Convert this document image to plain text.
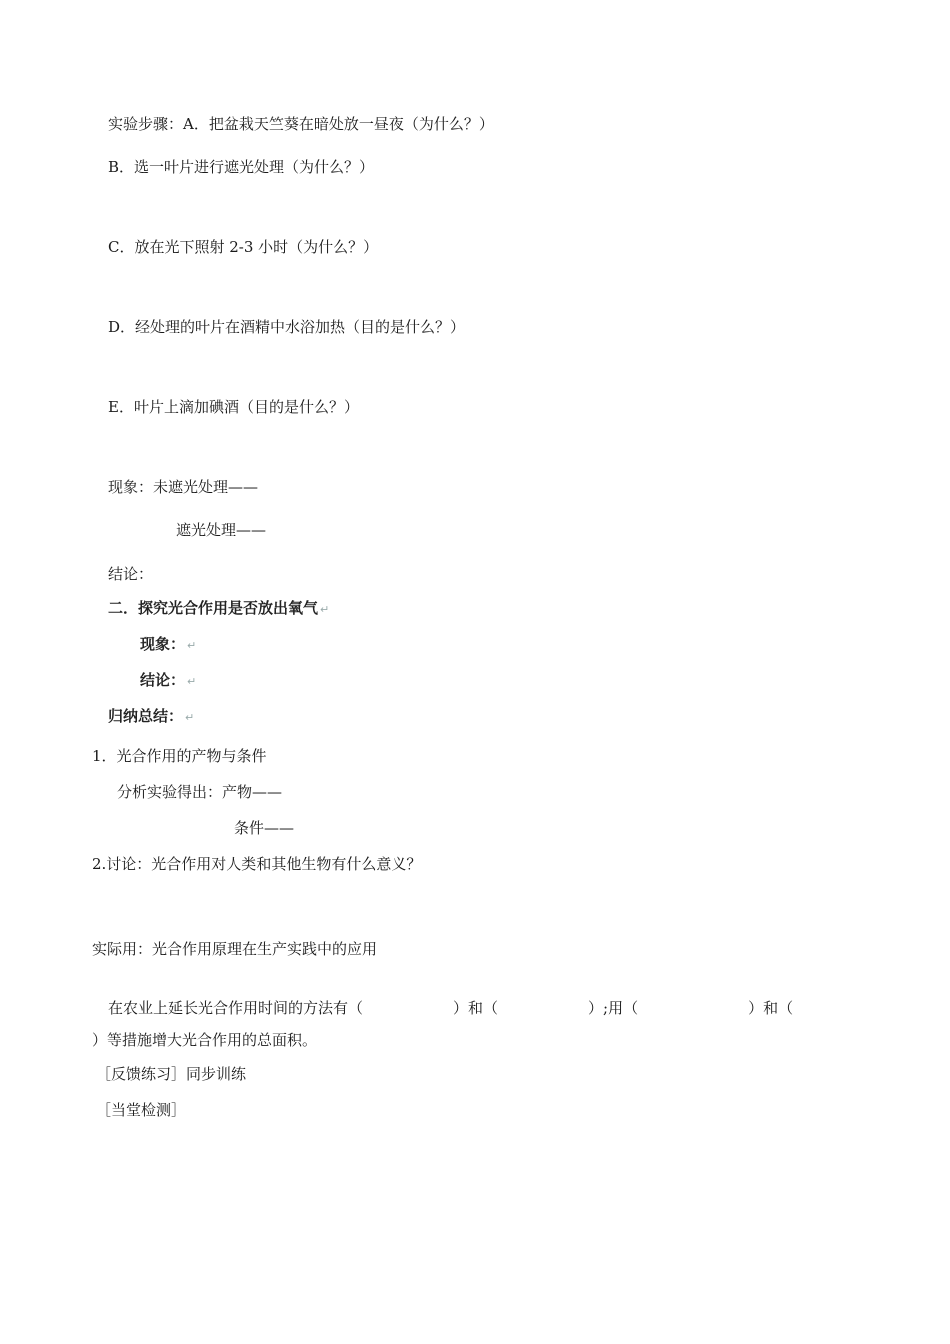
实验步骤：A．把盆栽天竺葵在暗处放一昼夜（为什么？）
B．选一叶片进行遮光处理（为什么？）
C．放在光下照射 2-3 小时（为什么？）
D．经处理的叶片在酒精中水浴加热（目的是什么？）
E．叶片上滴加碘酒（目的是什么？）
现象：未遮光处理——
遮光处理——
结论：
二．探究光合作用是否放出氧气 ↵
现象： ↵
结论： ↵
归纳总结： ↵
1．光合作用的产物与条件
分析实验得出：产物——
条件——
2.讨论：光合作用对人类和其他生物有什么意义？
实际用：光合作用原理在生产实践中的应用
在农业上延长光合作用时间的方法有（	）和（	）;用（	）和（
）等措施增大光合作用的总面积。
［反馈练习］同步训练
［当堂检测］
